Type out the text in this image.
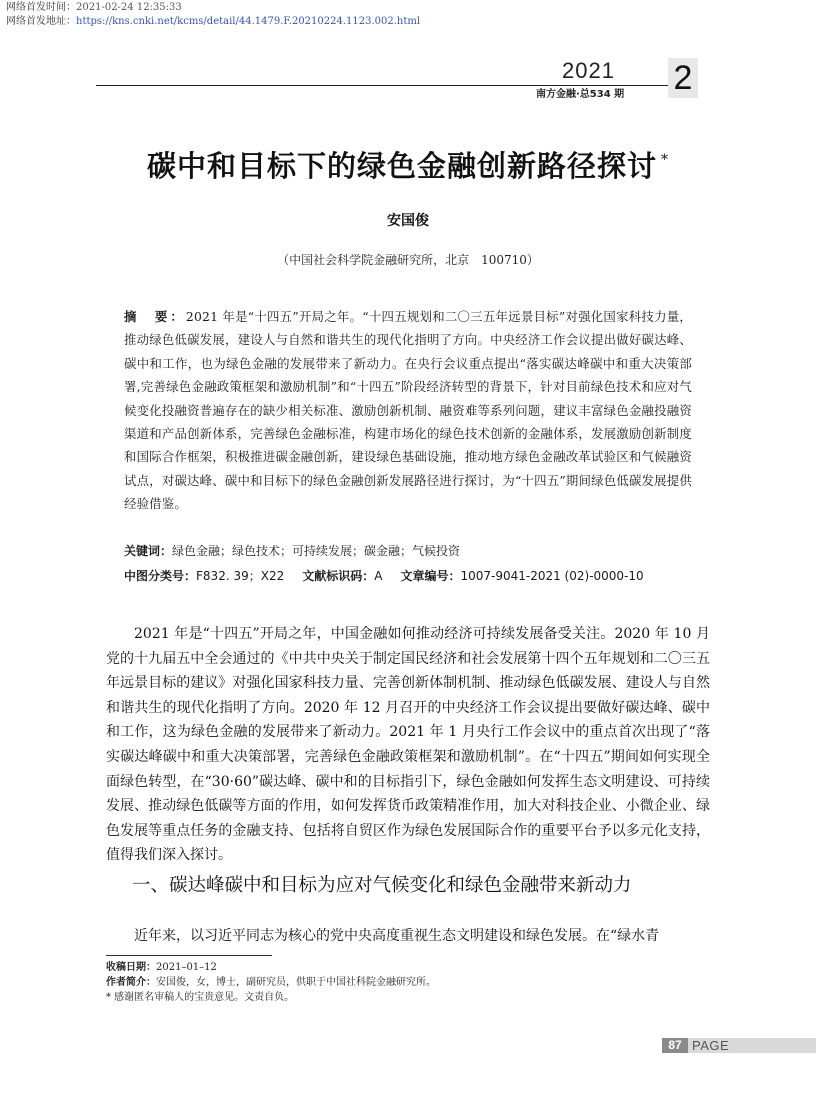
网络首发时间：2021-02-24 12:35:33
网络首发地址：https://kns.cnki.net/kcms/detail/44.1479.F.20210224.1123.002.html
2021
南方金融·总534 期 2
碳中和目标下的绿色金融创新路径探讨 *
安国俊
（中国社会科学院金融研究所，北京　100710）
摘　要：2021 年是“十四五”开局之年。“十四五规划和二〇三五年远景目标”对强化国家科技力量，推动绿色低碳发展，建设人与自然和谐共生的现代化指明了方向。中央经济工作会议提出做好碳达峰、碳中和工作，也为绿色金融的发展带来了新动力。在央行会议重点提出“落实碳达峰碳中和重大决策部署,完善绿色金融政策框架和激励机制”和“十四五”阶段经济转型的背景下，针对目前绿色技术和应对气候变化投融资普遍存在的缺少相关标准、激励创新机制、融资难等系列问题，建议丰富绿色金融投融资渠道和产品创新体系，完善绿色金融标准，构建市场化的绿色技术创新的金融体系，发展激励创新制度和国际合作框架，积极推进碳金融创新，建设绿色基础设施，推动地方绿色金融改革试验区和气候融资试点，对碳达峰、碳中和目标下的绿色金融创新发展路径进行探讨，为“十四五”期间绿色低碳发展提供经验借鉴。
关键词：绿色金融；绿色技术；可持续发展；碳金融；气候投资
中图分类号：F832. 39；X22 文献标识码：A 文章编号：1007-9041-2021 (02)-0000-10

2021 年是“十四五”开局之年，中国金融如何推动经济可持续发展备受关注。2020 年 10 月党的十九届五中全会通过的《中共中央关于制定国民经济和社会发展第十四个五年规划和二〇三五年远景目标的建议》对强化国家科技力量、完善创新体制机制、推动绿色低碳发展、建设人与自然和谐共生的现代化指明了方向。2020 年 12 月召开的中央经济工作会议提出要做好碳达峰、碳中和工作，这为绿色金融的发展带来了新动力。2021 年 1 月央行工作会议中的重点首次出现了“落实碳达峰碳中和重大决策部署，完善绿色金融政策框架和激励机制”。在“十四五”期间如何实现全面绿色转型，在“30·60”碳达峰、碳中和的目标指引下，绿色金融如何发挥生态文明建设、可持续发展、推动绿色低碳等方面的作用，如何发挥货币政策精准作用，加大对科技企业、小微企业、绿色发展等重点任务的金融支持、包括将自贸区作为绿色发展国际合作的重要平台予以多元化支持，值得我们深入探讨。

一、碳达峰碳中和目标为应对气候变化和绿色金融带来新动力

近年来，以习近平同志为核心的党中央高度重视生态文明建设和绿色发展。在“绿水青

收稿日期：2021–01–12
作者简介：安国俊，女，博士，副研究员，供职于中国社科院金融研究所。
* 感谢匿名审稿人的宝贵意见。文责自负。
87 PAGE
